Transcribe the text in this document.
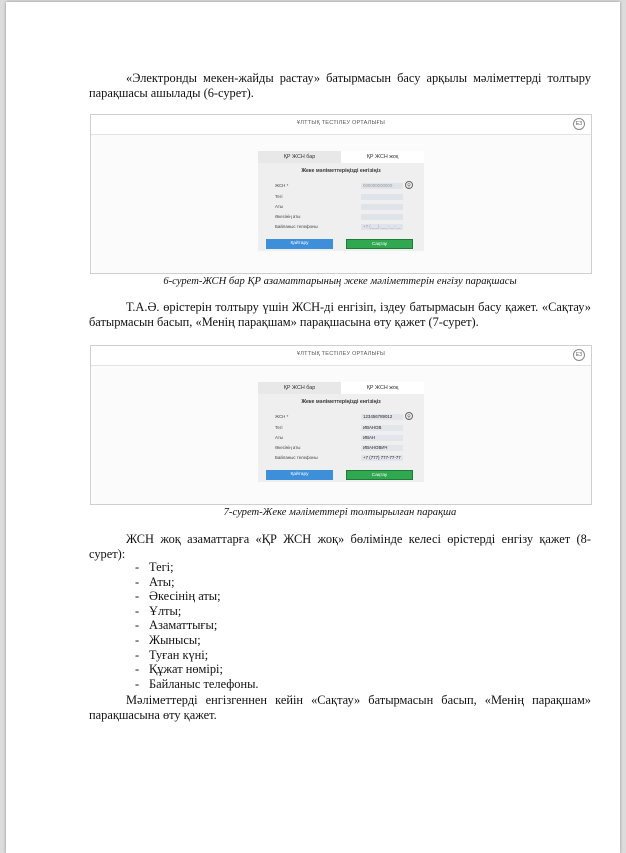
«Электронды мекен-жайды растау» батырмасын басу арқылы мәліметтерді толтыру парақшасы ашылады (6-сурет).

ҰЛТТЫҚ ТЕСТІЛЕУ ОРТАЛЫҒЫ	ЕЗ
ҚР ЖСН бар	ҚР ЖСН жоқ
Жеке мәліметтеріңізді енгізіңіз
ЖСН *	000000000000	⚲
Тегі
Аты
Әкесінің аты
Байланыс телефоны	+7 (___) ___-__-__
Қайтару	Сақтау
6-сурет-ЖСН бар ҚР азаматтарының жеке мәліметтерін енгізу парақшасы

Т.А.Ә. өрістерін толтыру үшін ЖСН-ді енгізіп, іздеу батырмасын басу қажет. «Сақтау» батырмасын басып, «Менің парақшам» парақшасына өту қажет (7-сурет).

ҰЛТТЫҚ ТЕСТІЛЕУ ОРТАЛЫҒЫ	ЕЗ
ҚР ЖСН бар	ҚР ЖСН жоқ
Жеке мәліметтеріңізді енгізіңіз
ЖСН *	123456789012	⚲
Тегі	ИВАНОВ
Аты	ИВАН
Әкесінің аты	ИВАНОВИЧ
Байланыс телефоны	+7 (777) 777-77-77
Қайтару	Сақтау
7-сурет-Жеке мәліметтері толтырылған парақша

ЖСН жоқ азаматтарға «ҚР ЖСН жоқ» бөлімінде келесі өрістерді енгізу қажет (8-сурет):

- Тегі;
- Аты;
- Әкесінің аты;
- Ұлты;
- Азаматтығы;
- Жынысы;
- Туған күні;
- Құжат нөмірі;
- Байланыс телефоны.

Мәліметтерді енгізгеннен кейін «Сақтау» батырмасын басып, «Менің парақшам» парақшасына өту қажет.
